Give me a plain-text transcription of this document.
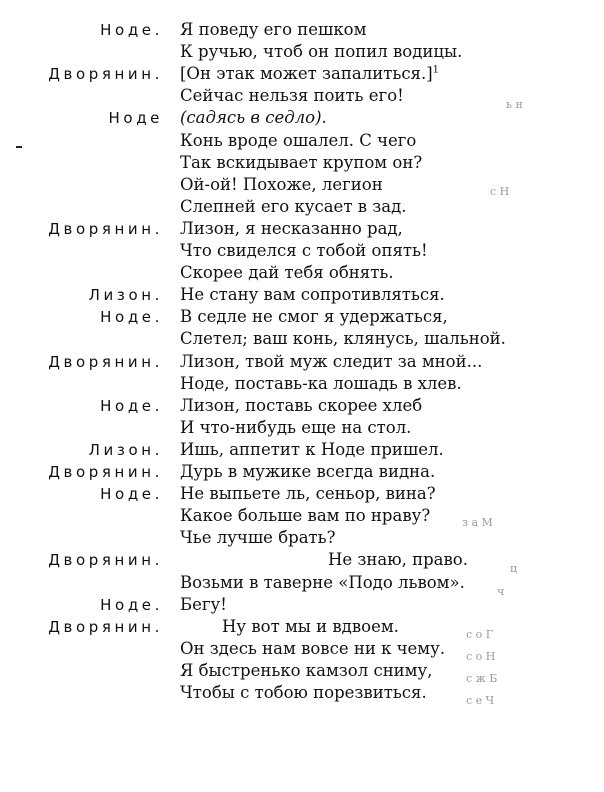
Ноде. Я поведу его пешком
К ручью, чтоб он попил водицы.
Дворянин. [Он этак может запалиться.]$^1$
Сейчас нельзя поить его!
Ноде (садясь в седло).
Конь вроде ошалел. С чего
Так вскидывает крупом он?
Ой-ой! Похоже, легион
Слепней его кусает в зад.
Дворянин. Лизон, я несказанно рад,
Что свиделся с тобой опять!
Скорее дай тебя обнять.
Лизон. Не стану вам сопротивляться.
Ноде. В седле не смог я удержаться,
Слетел; ваш конь, клянусь, шальной.
Дворянин. Лизон, твой муж следит за мной...
Ноде, поставь-ка лошадь в хлев.
Ноде. Лизон, поставь скорее хлеб
И что-нибудь еще на стол.
Лизон. Ишь, аппетит к Ноде пришел.
Дворянин. Дурь в мужике всегда видна.
Ноде. Не выпьете ль, сеньор, вина?
Какое больше вам по нраву?
Чье лучше брать?
Дворянин.	Не знаю, право.
Возьми в таверне «Подо львом».
Ноде. Бегу!
Дворянин.	Ну вот мы и вдвоем.
Он здесь нам вовсе ни к чему.
Я быстренько камзол сниму,
Чтобы с тобою порезвиться.
ь н
с Н
з а М
ц
ч
с о Г
с о Н
с ж Б
с е Ч
